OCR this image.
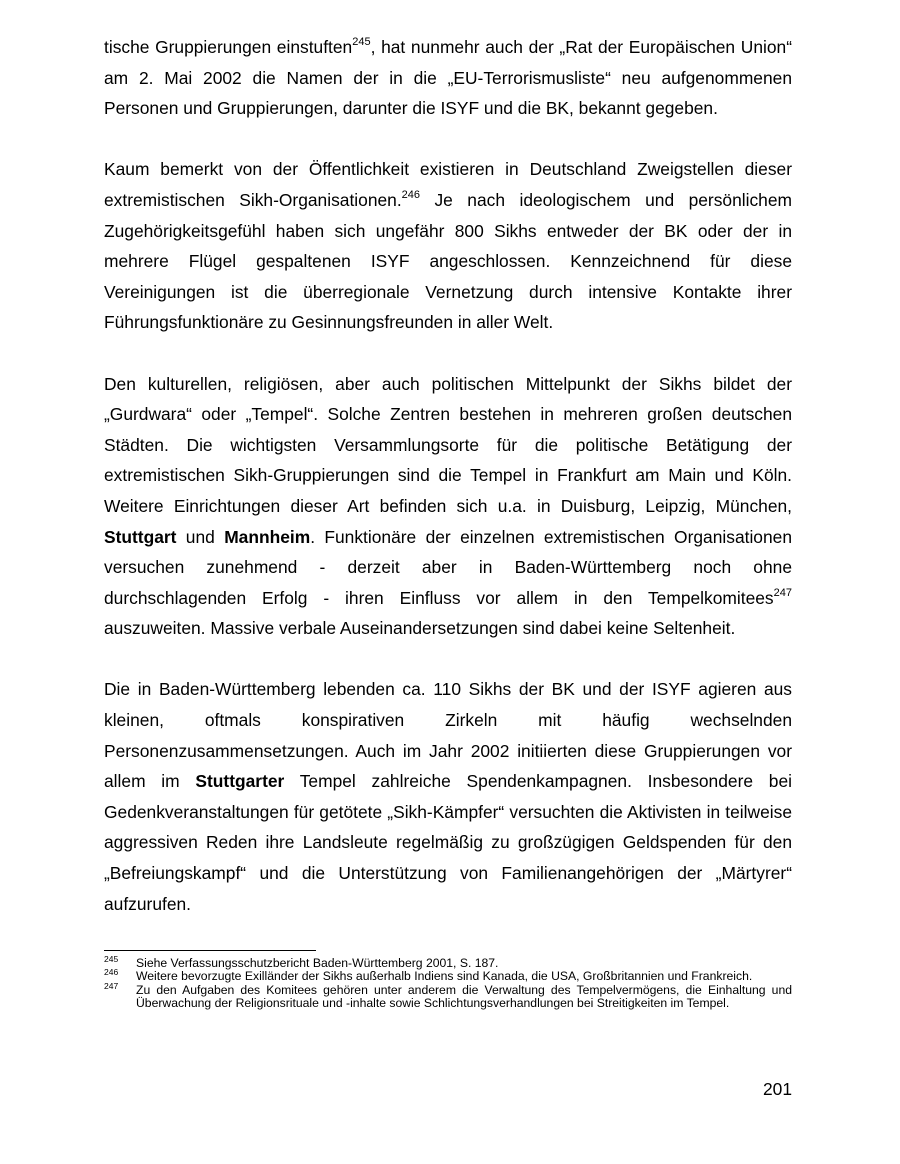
tische Gruppierungen einstuften$^{245}$, hat nunmehr auch der „Rat der Europäischen Union“ am 2. Mai 2002 die Namen der in die „EU-Terrorismusliste“ neu aufgenommenen Personen und Gruppierungen, darunter die ISYF und die BK, bekannt gegeben.

Kaum bemerkt von der Öffentlichkeit existieren in Deutschland Zweigstellen dieser extremistischen Sikh-Organisationen.$^{246}$ Je nach ideologischem und persönlichem Zugehörigkeitsgefühl haben sich ungefähr 800 Sikhs entweder der BK oder der in mehrere Flügel gespaltenen ISYF angeschlossen. Kennzeichnend für diese Vereinigungen ist die überregionale Vernetzung durch intensive Kontakte ihrer Führungsfunktionäre zu Gesinnungsfreunden in aller Welt.

Den kulturellen, religiösen, aber auch politischen Mittelpunkt der Sikhs bildet der „Gurdwara“ oder „Tempel“. Solche Zentren bestehen in mehreren großen deutschen Städten. Die wichtigsten Versammlungsorte für die politische Betätigung der extremistischen Sikh-Gruppierungen sind die Tempel in Frankfurt am Main und Köln. Weitere Einrichtungen dieser Art befinden sich u.a. in Duisburg, Leipzig, München, Stuttgart und Mannheim. Funktionäre der einzelnen extremistischen Organisationen versuchen zunehmend - derzeit aber in Baden-Württemberg noch ohne durchschlagenden Erfolg - ihren Einfluss vor allem in den Tempelkomitees$^{247}$ auszuweiten. Massive verbale Auseinandersetzungen sind dabei keine Seltenheit.

Die in Baden-Württemberg lebenden ca. 110 Sikhs der BK und der ISYF agieren aus kleinen, oftmals konspirativen Zirkeln mit häufig wechselnden Personenzusammensetzungen. Auch im Jahr 2002 initiierten diese Gruppierungen vor allem im Stuttgarter Tempel zahlreiche Spendenkampagnen. Insbesondere bei Gedenkveranstaltungen für getötete „Sikh-Kämpfer“ versuchten die Aktivisten in teilweise aggressiven Reden ihre Landsleute regelmäßig zu großzügigen Geldspenden für den „Befreiungskampf“ und die Unterstützung von Familienangehörigen der „Märtyrer“ aufzurufen.

245 Siehe Verfassungsschutzbericht Baden-Württemberg 2001, S. 187.
246 Weitere bevorzugte Exilländer der Sikhs außerhalb Indiens sind Kanada, die USA, Großbritannien und Frankreich.
247 Zu den Aufgaben des Komitees gehören unter anderem die Verwaltung des Tempelvermögens, die Einhaltung und Überwachung der Religionsrituale und -inhalte sowie Schlichtungsverhandlungen bei Streitigkeiten im Tempel.
201
